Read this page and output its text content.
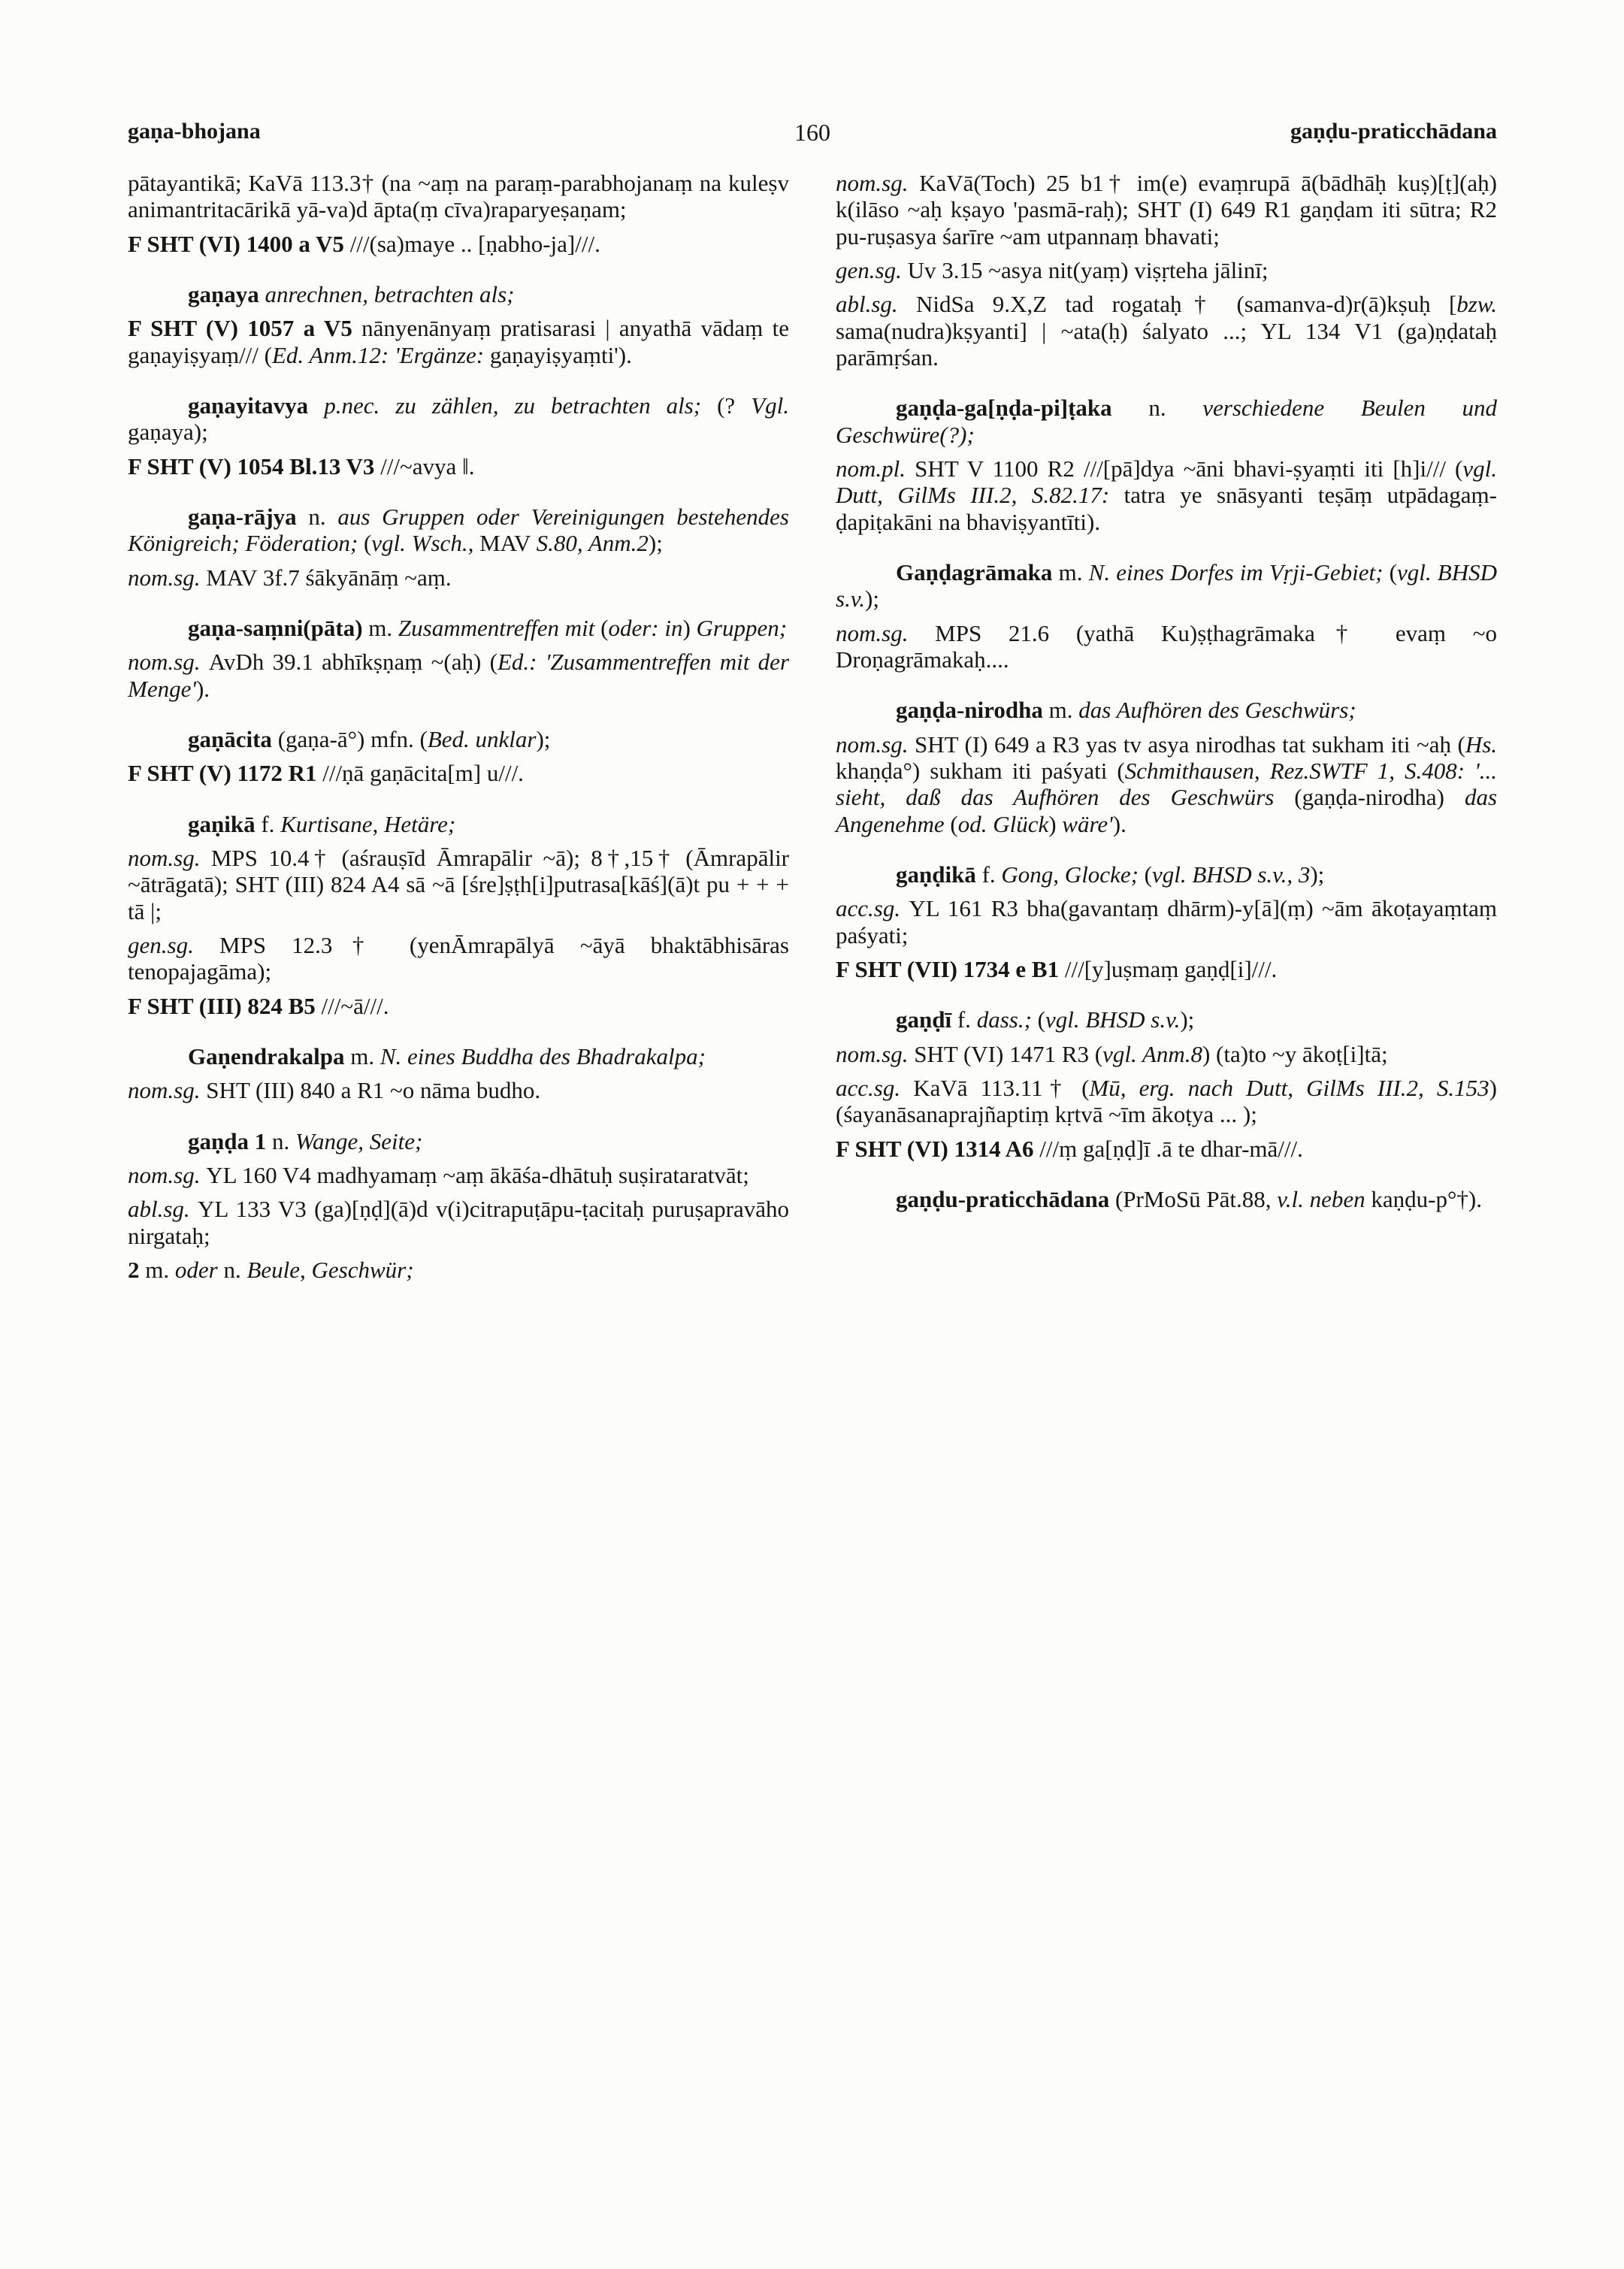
gaṇa-bhojana	160	gaṇḍu-praticchādana

pātayantikā; KaVā 113.3† (na ~aṃ na paraṃ-parabhojanaṃ na kuleṣv animantritacārikā yā-va)d āpta(ṃ cīva)raparyeṣaṇam;

F SHT (VI) 1400 a V5 ///(sa)maye .. [ṇabho-ja]///.

gaṇaya anrechnen, betrachten als;

F SHT (V) 1057 a V5 nānyenānyaṃ pratisarasi | anyathā vādaṃ te gaṇayiṣyaṃ/// (Ed. Anm.12: 'Ergänze: gaṇayiṣyaṃti').

gaṇayitavya p.nec. zu zählen, zu betrachten als; (? Vgl. gaṇaya);

F SHT (V) 1054 Bl.13 V3 ///~avya ‖.

gaṇa-rājya n. aus Gruppen oder Vereinigungen bestehendes Königreich; Föderation; (vgl. Wsch., MAV S.80, Anm.2);

nom.sg. MAV 3f.7 śākyānāṃ ~aṃ.

gaṇa-saṃni(pāta) m. Zusammentreffen mit (oder: in) Gruppen;

nom.sg. AvDh 39.1 abhīkṣṇaṃ ~(aḥ) (Ed.: 'Zusammentreffen mit der Menge').

gaṇācita (gaṇa-ā°) mfn. (Bed. unklar);

F SHT (V) 1172 R1 ///ṇā gaṇācita[m] u///.

gaṇikā f. Kurtisane, Hetäre;

nom.sg. MPS 10.4† (aśrauṣīd Āmrapālir ~ā); 8†,15† (Āmrapālir ~ātrāgatā); SHT (III) 824 A4 sā ~ā [śre]ṣṭh[i]putrasa[kāś](ā)t pu + + + tā |;

gen.sg. MPS 12.3† (yenĀmrapālyā ~āyā bhaktābhisāras tenopajagāma);

F SHT (III) 824 B5 ///~ā///.

Gaṇendrakalpa m. N. eines Buddha des Bhadrakalpa;

nom.sg. SHT (III) 840 a R1 ~o nāma budho.

gaṇḍa 1 n. Wange, Seite;

nom.sg. YL 160 V4 madhyamaṃ ~aṃ ākāśa-dhātuḥ suṣirataratvāt;

abl.sg. YL 133 V3 (ga)[ṇḍ](ā)d v(i)citrapuṭāpu-ṭacitaḥ puruṣapravāho nirgataḥ;

2 m. oder n. Beule, Geschwür;

nom.sg. KaVā(Toch) 25 b1† im(e) evaṃrupā ā(bādhāḥ kuṣ)[ṭ](aḥ) k(ilāso ~aḥ kṣayo 'pasmā-raḥ); SHT (I) 649 R1 gaṇḍam iti sūtra; R2 pu-ruṣasya śarīre ~am utpannaṃ bhavati;

gen.sg. Uv 3.15 ~asya nit(yaṃ) viṣṛteha jālinī;

abl.sg. NidSa 9.X,Z tad rogataḥ† (samanva-d)r(ā)kṣuḥ [bzw. sama(nudra)kṣyanti] | ~ata(ḥ) śalyato ...; YL 134 V1 (ga)ṇḍataḥ parāmṛśan.

gaṇḍa-ga[ṇḍa-pi]ṭaka n. verschiedene Beulen und Geschwüre(?);

nom.pl. SHT V 1100 R2 ///[pā]dya ~āni bhavi-ṣyaṃti iti [h]i/// (vgl. Dutt, GilMs III.2, S.82.17: tatra ye snāsyanti teṣāṃ utpādagaṃ-ḍapiṭakāni na bhaviṣyantīti).

Gaṇḍagrāmaka m. N. eines Dorfes im Vṛji-Gebiet; (vgl. BHSD s.v.);

nom.sg. MPS 21.6 (yathā Ku)ṣṭhagrāmaka† evaṃ ~o Droṇagrāmakaḥ....

gaṇḍa-nirodha m. das Aufhören des Geschwürs;

nom.sg. SHT (I) 649 a R3 yas tv asya nirodhas tat sukham iti ~aḥ (Hs. khaṇḍa°) sukham iti paśyati (Schmithausen, Rez.SWTF 1, S.408: '... sieht, daß das Aufhören des Geschwürs (gaṇḍa-nirodha) das Angenehme (od. Glück) wäre').

gaṇḍikā f. Gong, Glocke; (vgl. BHSD s.v., 3);

acc.sg. YL 161 R3 bha(gavantaṃ dhārm)-y[ā](ṃ) ~ām ākoṭayaṃtaṃ paśyati;

F SHT (VII) 1734 e B1 ///[y]uṣmaṃ gaṇḍ[i]///.

gaṇḍī f. dass.; (vgl. BHSD s.v.);

nom.sg. SHT (VI) 1471 R3 (vgl. Anm.8) (ta)to ~y ākoṭ[i]tā;

acc.sg. KaVā 113.11† (Mū, erg. nach Dutt, GilMs III.2, S.153) (śayanāsanaprajñaptiṃ kṛtvā ~īm ākoṭya ... );

F SHT (VI) 1314 A6 ///ṃ ga[ṇḍ]ī .ā te dhar-mā///.

gaṇḍu-praticchādana (PrMoSū Pāt.88, v.l. neben kaṇḍu-p°†).
